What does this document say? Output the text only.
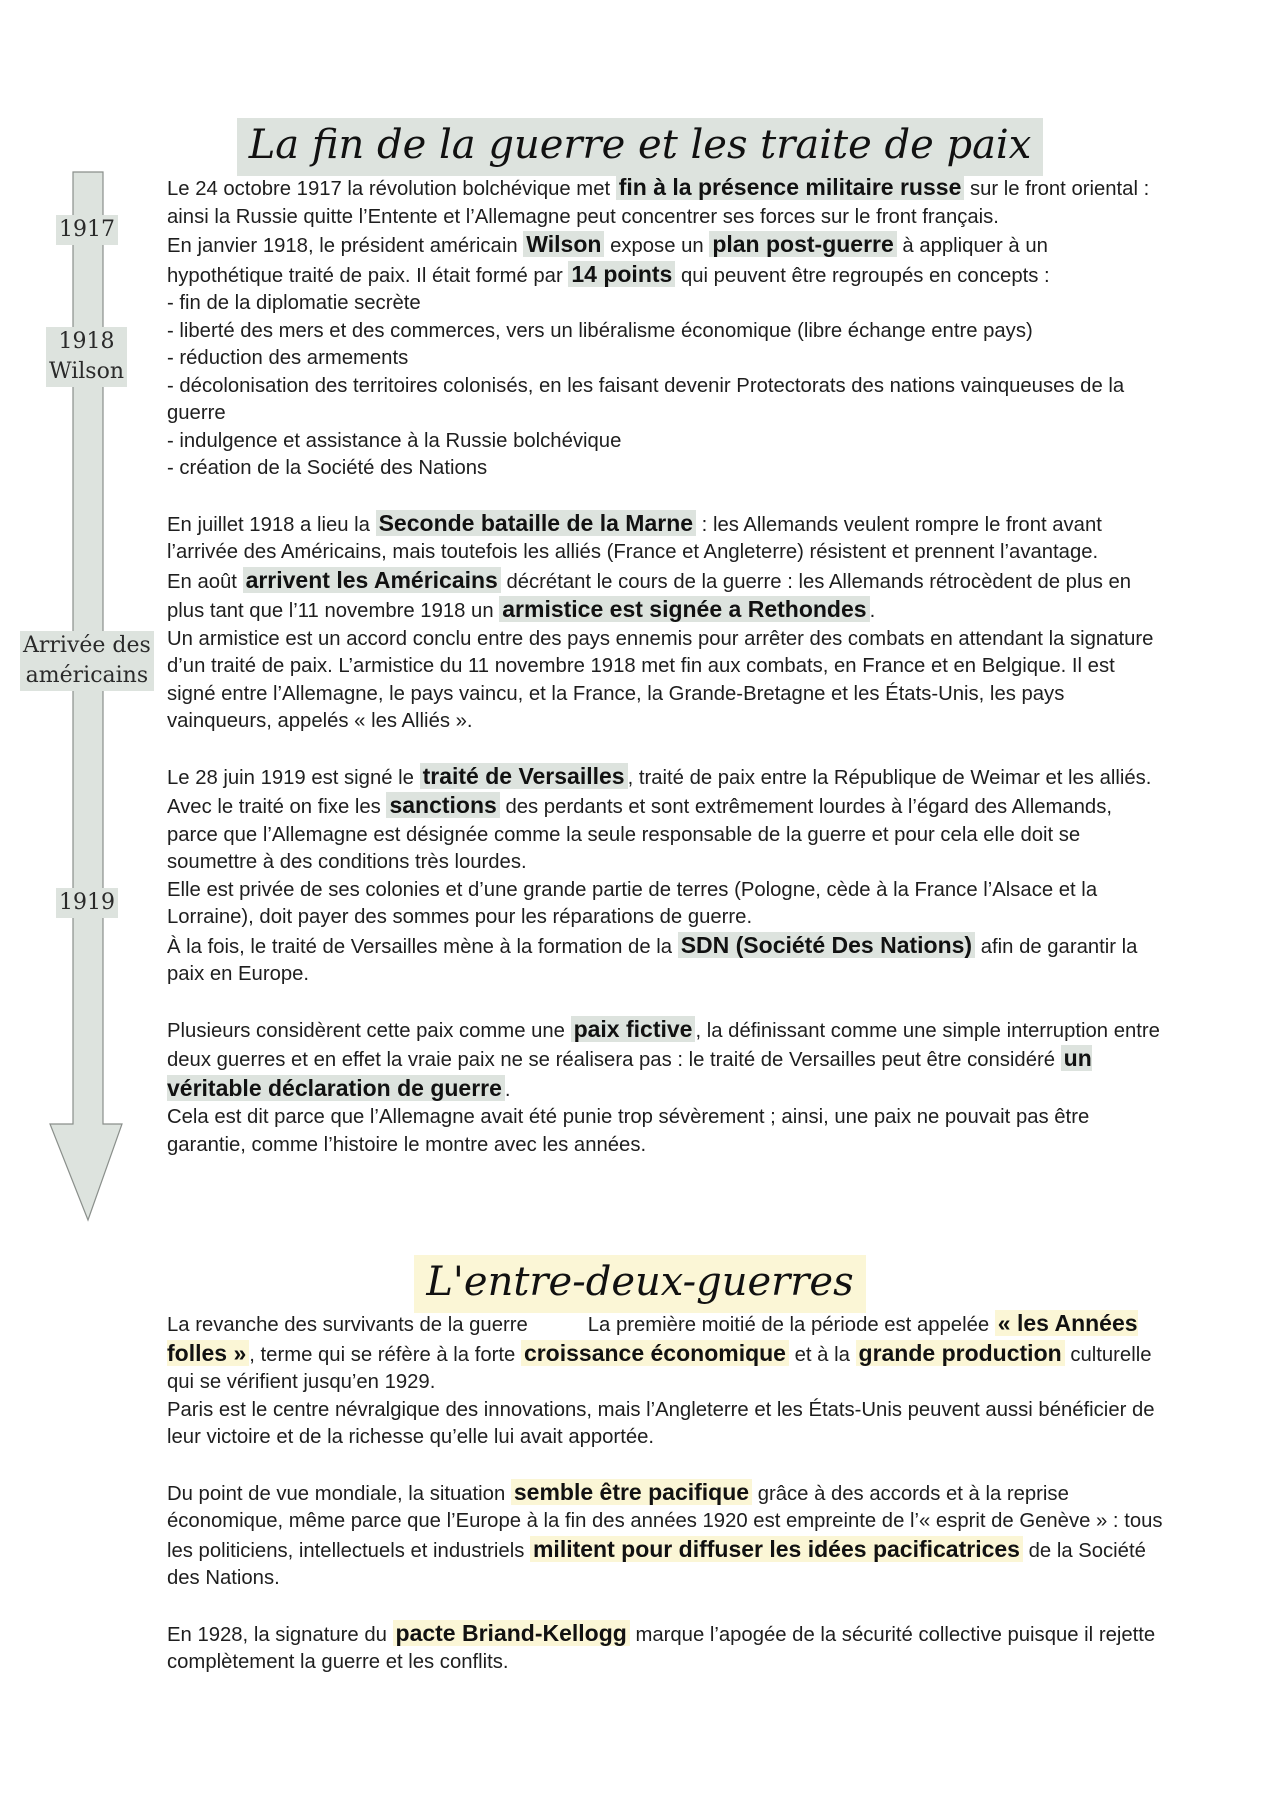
La fin de la guerre et les traite de paix
1917
1918
Wilson
Arrivée des
américains
1919

Le 24 octobre 1917 la révolution bolchévique met fin à la présence militaire russe sur le front oriental : ainsi la Russie quitte l’Entente et l’Allemagne peut concentrer ses forces sur le front français.

En janvier 1918, le président américain Wilson expose un plan post-guerre à appliquer à un hypothétique traité de paix. Il était formé par 14 points qui peuvent être regroupés en concepts :

- fin de la diplomatie secrète

- liberté des mers et des commerces, vers un libéralisme économique (libre échange entre pays)

- réduction des armements

- décolonisation des territoires colonisés, en les faisant devenir Protectorats des nations vainqueuses de la guerre

- indulgence et assistance à la Russie bolchévique

- création de la Société des Nations

En juillet 1918 a lieu la Seconde bataille de la Marne : les Allemands veulent rompre le front avant l’arrivée des Américains, mais toutefois les alliés (France et Angleterre) résistent et prennent l’avantage.

En août arrivent les Américains décrétant le cours de la guerre : les Allemands rétrocèdent de plus en plus tant que l’11 novembre 1918 un armistice est signée a Rethondes .

Un armistice est un accord conclu entre des pays ennemis pour arrêter des combats en attendant la signature d’un traité de paix. L’armistice du 11 novembre 1918 met fin aux combats, en France et en Belgique. Il est signé entre l’Allemagne, le pays vaincu, et la France, la Grande-Bretagne et les États-Unis, les pays vainqueurs, appelés « les Alliés ».

Le 28 juin 1919 est signé le traité de Versailles , traité de paix entre la République de Weimar et les alliés. Avec le traité on fixe les sanctions des perdants et sont extrêmement lourdes à l’égard des Allemands, parce que l’Allemagne est désignée comme la seule responsable de la guerre et pour cela elle doit se soumettre à des conditions très lourdes.

Elle est privée de ses colonies et d’une grande partie de terres (Pologne, cède à la France l’Alsace et la Lorraine), doit payer des sommes pour les réparations de guerre.

À la fois, le traité de Versailles mène à la formation de la SDN (Société Des Nations) afin de garantir la paix en Europe.

Plusieurs considèrent cette paix comme une paix fictive , la définissant comme une simple interruption entre deux guerres et en effet la vraie paix ne se réalisera pas : le traité de Versailles peut être considéré un véritable déclaration de guerre .

Cela est dit parce que l’Allemagne avait été punie trop sévèrement ; ainsi, une paix ne pouvait pas être garantie, comme l’histoire le montre avec les années.

L'entre-deux-guerres

La revanche des survivants de la guerre	La première moitié de la période est appelée « les Années folles » , terme qui se réfère à la forte croissance économique et à la grande production culturelle qui se vérifient jusqu’en 1929.

Paris est le centre névralgique des innovations, mais l’Angleterre et les États-Unis peuvent aussi bénéficier de leur victoire et de la richesse qu’elle lui avait apportée.

Du point de vue mondiale, la situation semble être pacifique grâce à des accords et à la reprise économique, même parce que l’Europe à la fin des années 1920 est empreinte de l’« esprit de Genève » : tous les politiciens, intellectuels et industriels militent pour diffuser les idées pacificatrices de la Société des Nations.

En 1928, la signature du pacte Briand-Kellogg marque l’apogée de la sécurité collective puisque il rejette complètement la guerre et les conflits.
